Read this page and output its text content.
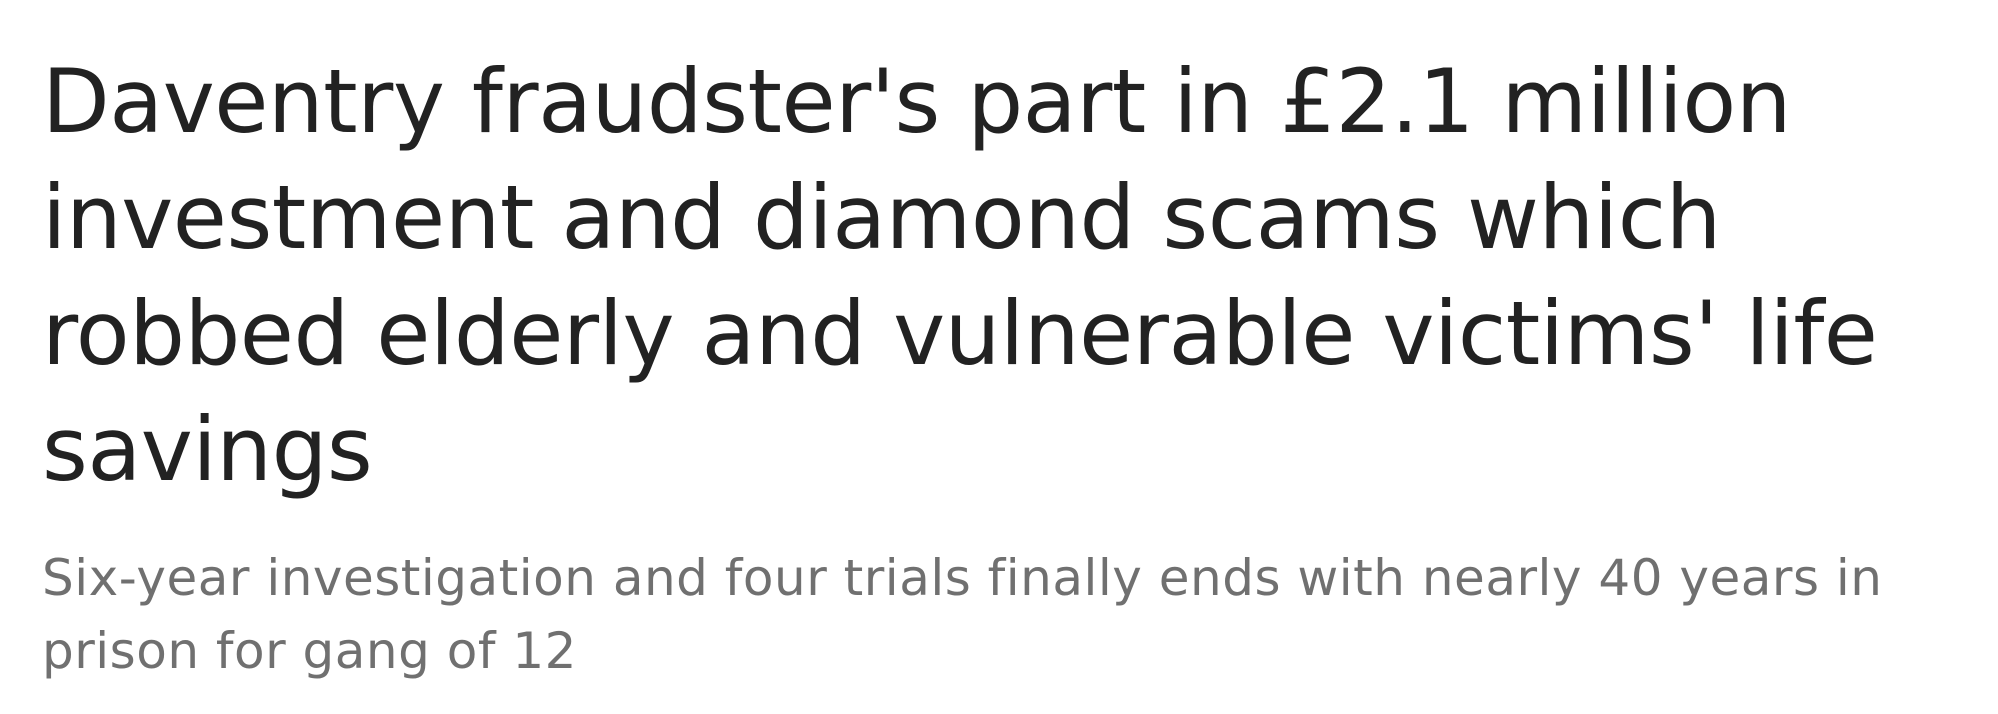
Daventry fraudster's part in £2.1 million investment and diamond scams which robbed elderly and vulnerable victims' life savings

Six-year investigation and four trials finally ends with nearly 40 years in prison for gang of 12
